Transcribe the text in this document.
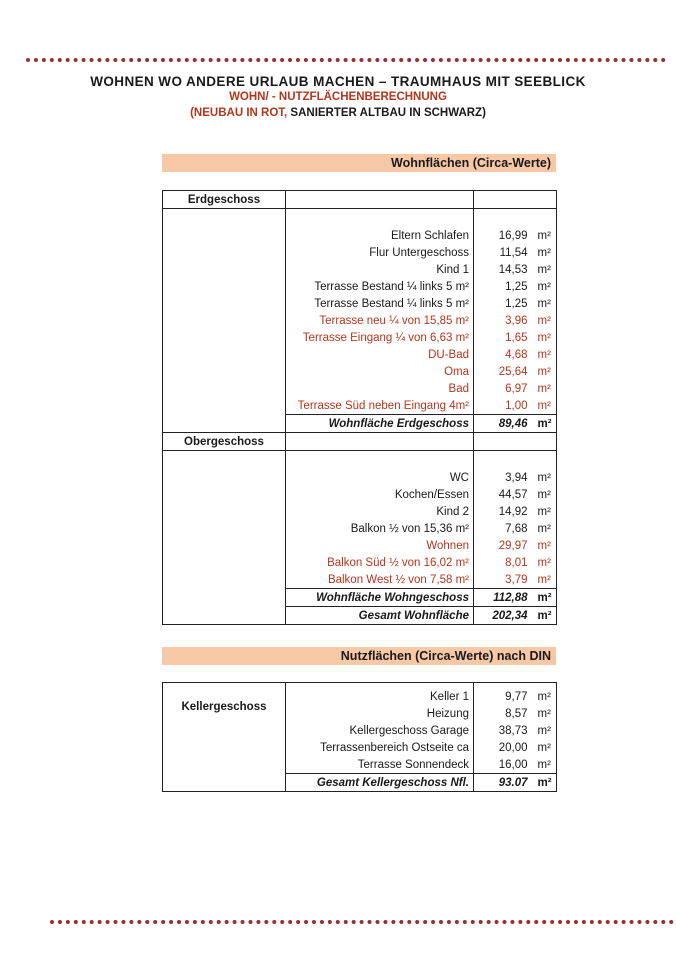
WOHNEN WO ANDERE URLAUB MACHEN – TRAUMHAUS MIT SEEBLICK
WOHN/ - NUTZFLÄCHENBERECHNUNG
(NEUBAU IN ROT, SANIERTER ALTBAU IN SCHWARZ)
Wohnflächen (Circa-Werte)
Erdgeschoss			

	Eltern Schlafen	16,99	m²
	Flur Untergeschoss	11,54	m²
	Kind 1	14,53	m²
	Terrasse Bestand ¼ links 5 m²	1,25	m²
	Terrasse Bestand ¼ links 5 m²	1,25	m²
	Terrasse neu ¼ von 15,85 m²	3,96	m²
	Terrasse Eingang ¼ von 6,63 m²	1,65	m²
	DU-Bad	4,68	m²
	Oma	25,64	m²
	Bad	6,97	m²
	Terrasse Süd neben Eingang 4m²	1,00	m²
	Wohnfläche Erdgeschoss	89,46	m²
Obergeschoss			

	WC	3,94	m²
	Kochen/Essen	44,57	m²
	Kind 2	14,92	m²
	Balkon ½ von 15,36 m²	7,68	m²
	Wohnen	29,97	m²
	Balkon Süd ½ von 16,02 m²	8,01	m²
	Balkon West ½ von 7,58 m²	3,79	m²
	Wohnfläche Wohngeschoss	112,88	m²
	Gesamt Wohnfläche	202,34	m²
Nutzflächen (Circa-Werte) nach DIN
Kellergeschoss			
	Keller 1	9,77	m²
	Heizung	8,57	m²
	Kellergeschoss Garage	38,73	m²
	Terrassenbereich Ostseite ca	20,00	m²
	Terrasse Sonnendeck	16,00	m²
	Gesamt Kellergeschoss Nfl.	93.07	m²
